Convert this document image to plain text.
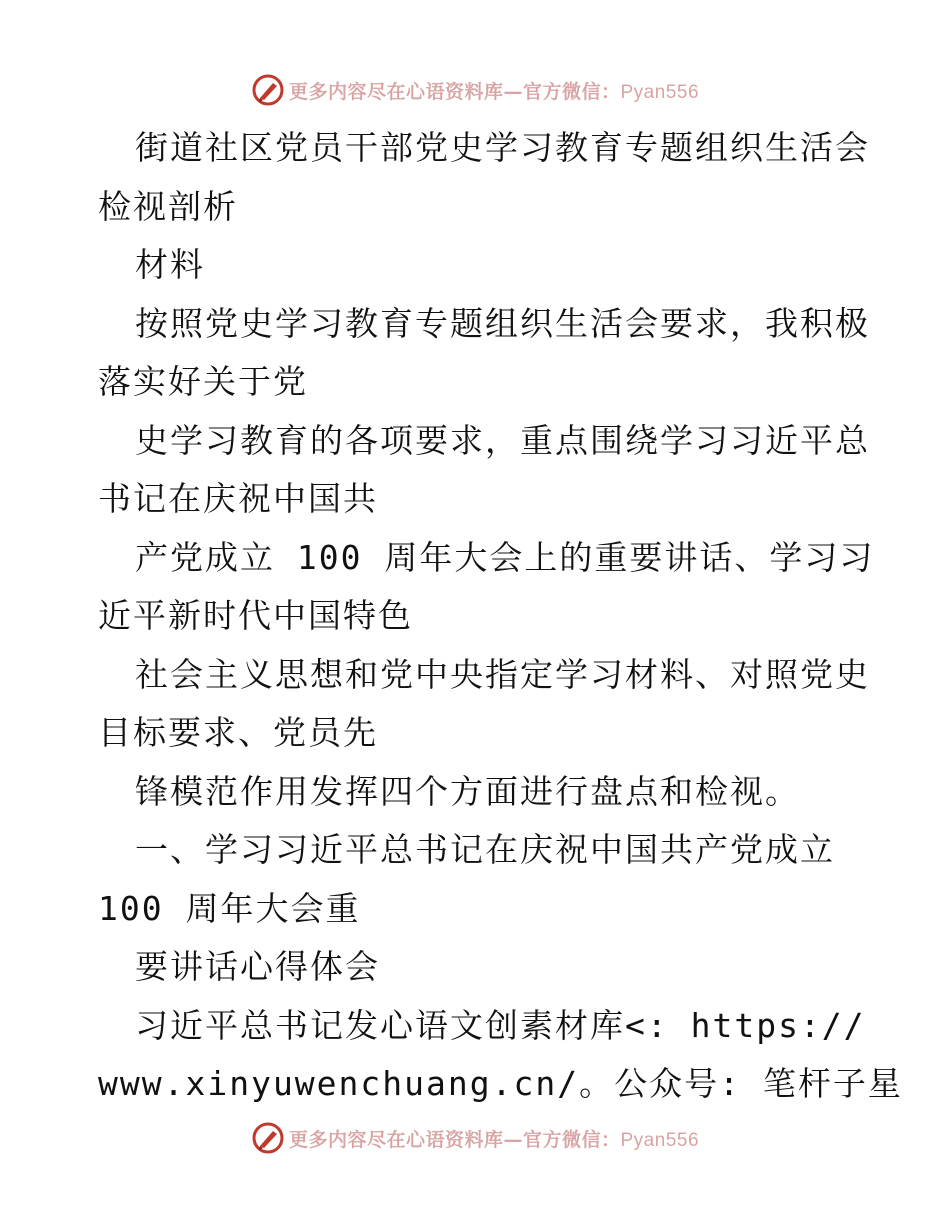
更多内容尽在心语资料库—官方微信：Pyan556
街道社区党员干部党史学习教育专题组织生活会
检视剖析
材料
按照党史学习教育专题组织生活会要求，我积极
落实好关于党
史学习教育的各项要求，重点围绕学习习近平总
书记在庆祝中国共
产党成立 100 周年大会上的重要讲话、学习习
近平新时代中国特色
社会主义思想和党中央指定学习材料、对照党史
目标要求、党员先
锋模范作用发挥四个方面进行盘点和检视。
一、学习习近平总书记在庆祝中国共产党成立
100 周年大会重
要讲话心得体会
习近平总书记发心语文创素材库<: https://
www.xinyuwenchuang.cn/。公众号: 笔杆子星
更多内容尽在心语资料库—官方微信：Pyan556
